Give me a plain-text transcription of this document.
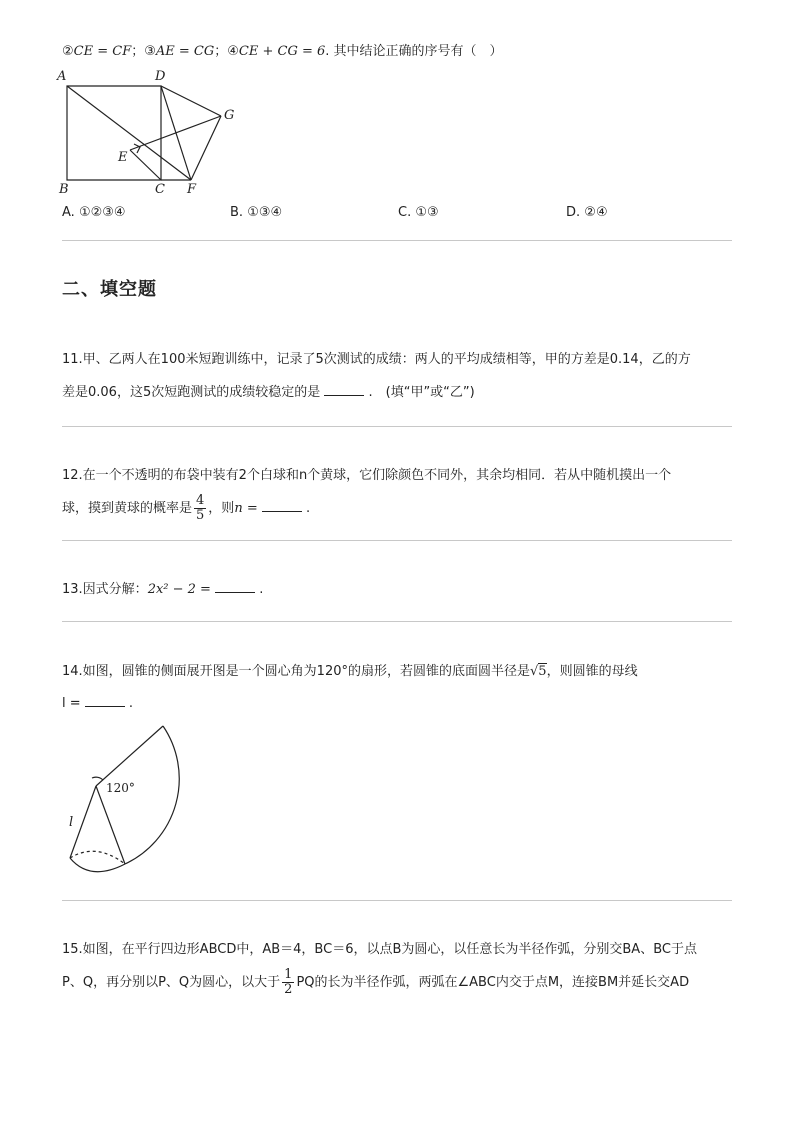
②CE = CF；③AE = CG；④CE + CG = 6. 其中结论正确的序号有（　）
A	D
G
E
B	C F
A. ①②③④	B. ①③④	C. ①③	D. ②④
二、填空题
11.甲、乙两人在100米短跑训练中，记录了5次测试的成绩：两人的平均成绩相等，甲的方差是0.14，乙的方
差是0.06，这5次短跑测试的成绩较稳定的是	.　(填“甲”或“乙”)
12.在一个不透明的布袋中装有2个白球和n个黄球，它们除颜色不同外，其余均相同．若从中随机摸出一个
球，摸到黄球的概率是 $\frac{4}{5}$ ，则n =	.
13.因式分解：2x² − 2 =	.
14.如图，圆锥的侧面展开图是一个圆心角为120°的扇形，若圆锥的底面圆半径是√5，则圆锥的母线
l =	.
120°
l
15.如图，在平行四边形ABCD中，AB＝4，BC＝6，以点B为圆心，以任意长为半径作弧，分别交BA、BC于点
P、Q，再分别以P、Q为圆心，以大于 $\frac{1}{2}$ PQ的长为半径作弧，两弧在∠ABC内交于点M，连接BM并延长交AD
